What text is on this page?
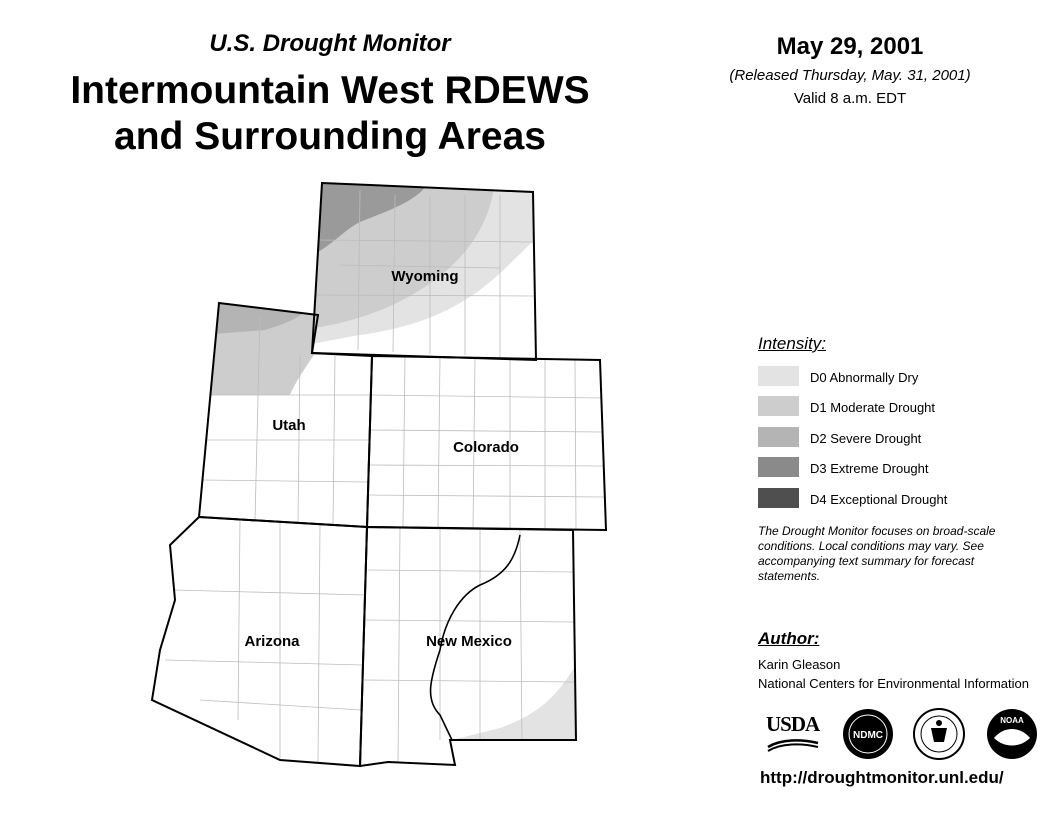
U.S. Drought Monitor
Intermountain West RDEWS
and Surrounding Areas
May 29, 2001
(Released Thursday, May. 31, 2001)
Valid 8 a.m. EDT
Wyoming
Utah
Colorado
Arizona	New Mexico
Intensity:
D0 Abnormally Dry
D1 Moderate Drought
D2 Severe Drought
D3 Extreme Drought
D4 Exceptional Drought
The Drought Monitor focuses on broad-scale conditions. Local conditions may vary. See accompanying text summary for forecast statements.
Author:
Karin Gleason
National Centers for Environmental Information
USDA	NDMC
NOAA
http://droughtmonitor.unl.edu/
